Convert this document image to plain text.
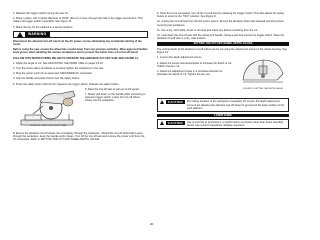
1. Release the trigger switch turning the saw off.

2. Place a pliers, with a shank diameter of 15/16" (21mm) or less, through the hole in the trigger and close it. This makes the trigger switch inoperable. See Figure 11.

3. Place the key for the padlock in a secure location.

WARNING

Disconnect the abrasive Cut-off saw from the AC power source eliminating any accidental starting of the motor.

Before using the saw, ensure the wheel has cooled down from any previous activities. Wear approved leather work gloves when handling the various workpieces and to protect the hands from a hot Cut-off wheel.

FOLLOW THIS INSTRUCTIONS BELOW TO OPERATE THE ABRASIVE CUT-OFF SAW. SEE FIGURE 12.

1. Adjust the angle of cut. See ADJUSTING THE WORK VISE on pages 15-16.

2. Turn the screw clamp clockwise to securely tighten the workpiece in the vise.

3. Plug the power cord into an approved GROUNDED AC receptacle.

4. Grip the handle and place thumb over the safety button.

5. Press the safety button with thumb. Squeeze the trigger switch. Release the safety button.

6. Allow the Cut-off saw to spin up to full speed.

7. Slowly pull down on the handle while continuing to squeeze trigger switch. Lower the Cut-off wheel slowly into the workpiece.

FIGURE 12: USING THE CUT-OFF SAW

8. Ensure the abrasive Cut-off wheel cuts completely through the workpiece. Should the Cut-off wheel fail to pass through the workpiece, keep the handle until it clears. Turn off the Cut-off saw and remove the power cord from the AC receptacle. Refer to SETTING THE CUT-OFF WHEEL DEPTH GAUGE.

9. Once the cut is completed, turn off the Cut-off saw by releasing the trigger switch. This also allows the safety button to return to the "OFF" position. See Figure 9.

10. Unplug the Cut-off saw from the AC power source. Ensure the abrasive wheel has stopped spinning before removing the workpiece.

11. Use a dry, soft bristle, brush or air hose and clean any debris remaining from the cut.

12. Lock down the Cut-off saw with the swing lock handle. Using a pad lock secure the trigger switch. Store the abrasive Cut-off saw in a dry, safe location.

SETTING THE CUT-OFF WHEEL DEPTH GAUGE

The cutting depth of the abrasive Cut-off wheel can be set using the adjustment screw on the wheel housing. See Figure 13.

1. Loosen the depth adjustment screw.

2. Adjust the screw counterclockwise to increase the depth of cut. Tighten the jam nut.

3. Adjust the adjustment screw in a clockwise direction to decrease the depth of cut. Tighten the jam nut.

FIGURE 13: SETTING THE DEPTH GAUGE
CAUTION	For cutting sections of the workpiece completely off, ensure the depth adjustment screw is set allowing the abrasive Cut-off wheel to go beyond the base surface of the work platform.

LASER GUIDE
CAUTION	Use of controls or procedures, or performance of process other than those specified herein may result in hazardous radiation exposure.

20
